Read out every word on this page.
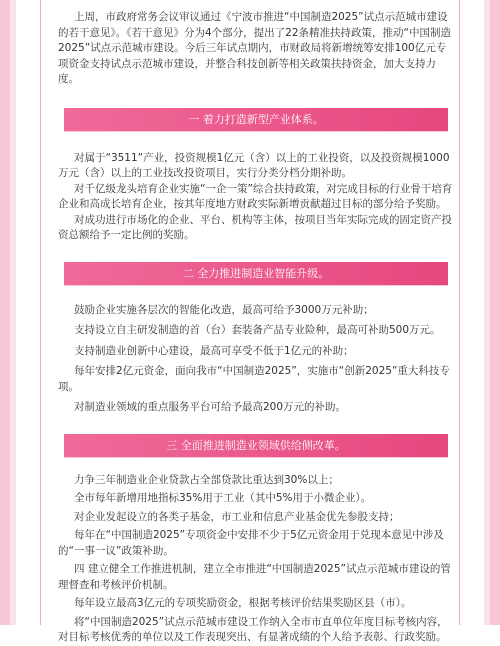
上周，市政府常务会议审议通过《宁波市推进“中国制造2025”试点示范城市建设的若干意见》。《若干意见》分为4个部分，提出了22条精准扶持政策，推动“中国制造2025”试点示范城市建设。今后三年试点期内，市财政局将新增统筹安排100亿元专项资金支持试点示范城市建设，并整合科技创新等相关政策扶持资金，加大支持力度。

一 着力打造新型产业体系。

对属于“3511”产业，投资规模1亿元（含）以上的工业投资，以及投资规模1000万元（含）以上的工业技改投资项目，实行分类分档分期补助。

对千亿级龙头培育企业实施“一企一策”综合扶持政策，对完成目标的行业骨干培育企业和高成长培育企业，按其年度地方财政实际新增贡献超过目标的部分给予奖励。

对成功进行市场化的企业、平台、机构等主体，按项目当年实际完成的固定资产投资总额给予一定比例的奖励。

二 全力推进制造业智能升级。

鼓励企业实施各层次的智能化改造，最高可给予3000万元补助；

支持设立自主研发制造的首（台）套装备产品专业险种，最高可补助500万元。

支持制造业创新中心建设，最高可享受不低于1亿元的补助；

每年安排2亿元资金，面向我市“中国制造2025”，实施市“创新2025”重大科技专项。

对制造业领域的重点服务平台可给予最高200万元的补助。

三 全面推进制造业领域供给侧改革。

力争三年制造业企业贷款占全部贷款比重达到30%以上；

全市每年新增用地指标35%用于工业（其中5%用于小微企业）。

对企业发起设立的各类子基金，市工业和信息产业基金优先参股支持；

每年在“中国制造2025”专项资金中安排不少于5亿元资金用于兑现本意见中涉及的“一事一议”政策补助。

四 建立健全工作推进机制，建立全市推进“中国制造2025”试点示范城市建设的管理督查和考核评价机制。

每年设立最高3亿元的专项奖励资金，根据考核评价结果奖励区县（市）。

将“中国制造2025”试点示范城市建设工作纳入全市市直单位年度目标考核内容，对目标考核优秀的单位以及工作表现突出、有显著成绩的个人给予表彰、行政奖励。
